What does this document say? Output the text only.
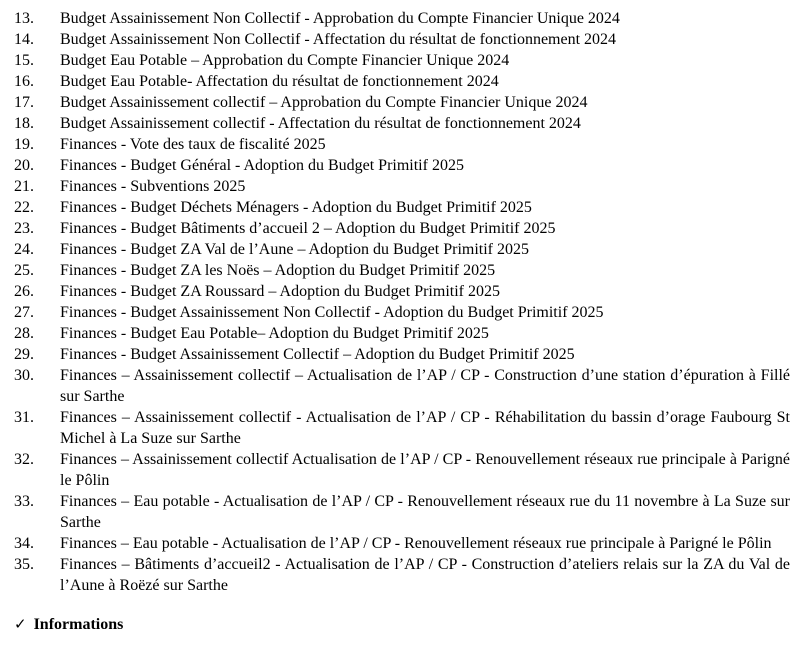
13.	Budget Assainissement Non Collectif - Approbation du Compte Financier Unique 2024
14.	Budget Assainissement Non Collectif - Affectation du résultat de fonctionnement 2024
15.	Budget Eau Potable – Approbation du Compte Financier Unique 2024
16.	Budget Eau Potable- Affectation du résultat de fonctionnement 2024
17.	Budget Assainissement collectif – Approbation du Compte Financier Unique 2024
18.	Budget Assainissement collectif - Affectation du résultat de fonctionnement 2024
19.	Finances - Vote des taux de fiscalité 2025
20.	Finances - Budget Général - Adoption du Budget Primitif 2025
21.	Finances - Subventions 2025
22.	Finances - Budget Déchets Ménagers - Adoption du Budget Primitif 2025
23.	Finances - Budget Bâtiments d’accueil 2 – Adoption du Budget Primitif 2025
24.	Finances - Budget ZA Val de l’Aune – Adoption du Budget Primitif 2025
25.	Finances - Budget ZA les Noës – Adoption du Budget Primitif 2025
26.	Finances - Budget ZA Roussard – Adoption du Budget Primitif 2025
27.	Finances - Budget Assainissement Non Collectif - Adoption du Budget Primitif 2025
28.	Finances - Budget Eau Potable– Adoption du Budget Primitif 2025
29.	Finances - Budget Assainissement Collectif – Adoption du Budget Primitif 2025
30.	Finances – Assainissement collectif – Actualisation de l’AP / CP - Construction d’une station d’épuration à Fillé sur Sarthe
31.	Finances – Assainissement collectif - Actualisation de l’AP / CP - Réhabilitation du bassin d’orage Faubourg St Michel à La Suze sur Sarthe
32.	Finances – Assainissement collectif Actualisation de l’AP / CP - Renouvellement réseaux rue principale à Parigné le Pôlin
33.	Finances – Eau potable - Actualisation de l’AP / CP - Renouvellement réseaux rue du 11 novembre à La Suze sur Sarthe
34.	Finances – Eau potable - Actualisation de l’AP / CP - Renouvellement réseaux rue principale à Parigné le Pôlin
35.	Finances – Bâtiments d’accueil2 - Actualisation de l’AP / CP - Construction d’ateliers relais sur la ZA du Val de l’Aune à Roëzé sur Sarthe
✓ Informations
